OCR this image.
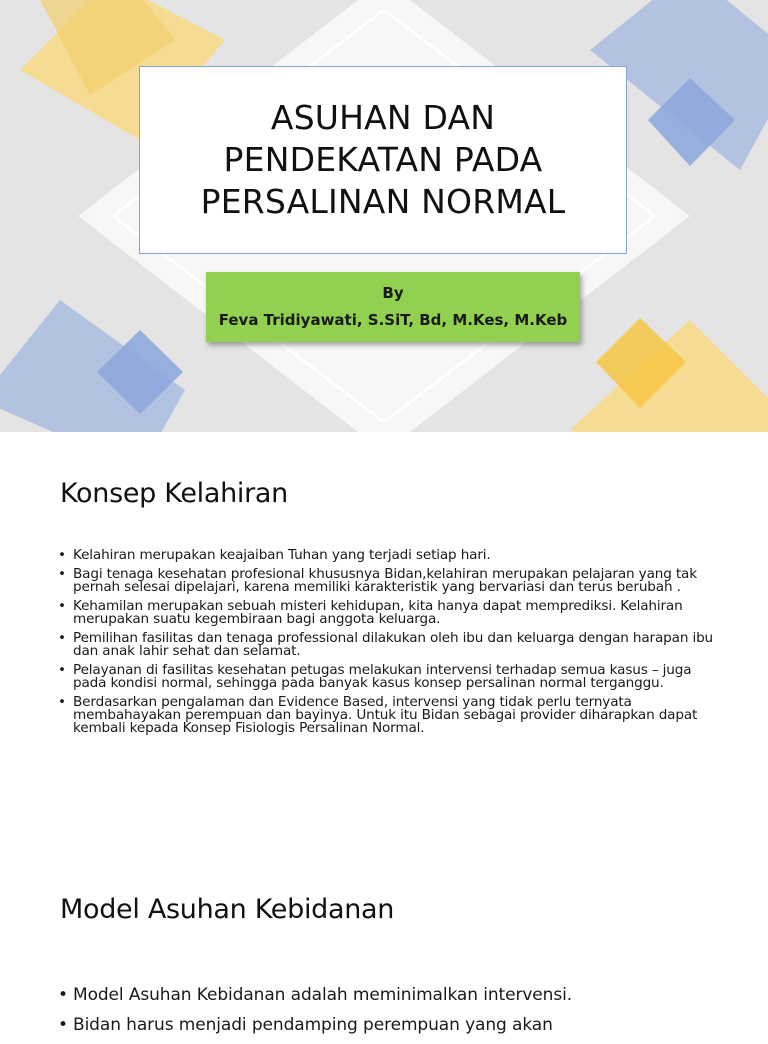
ASUHAN DAN
PENDEKATAN PADA
PERSALINAN NORMAL
By
Feva Tridiyawati, S.SiT, Bd, M.Kes, M.Keb
Konsep Kelahiran
• Kelahiran merupakan keajaiban Tuhan yang terjadi setiap hari.
• Bagi tenaga kesehatan profesional khususnya Bidan,kelahiran merupakan pelajaran yang tak pernah selesai dipelajari, karena memiliki karakteristik yang bervariasi dan terus berubah .
• Kehamilan merupakan sebuah misteri kehidupan, kita hanya dapat memprediksi. Kelahiran merupakan suatu kegembiraan bagi anggota keluarga.
• Pemilihan fasilitas dan tenaga professional dilakukan oleh ibu dan keluarga dengan harapan ibu dan anak lahir sehat dan selamat.
• Pelayanan di fasilitas kesehatan petugas melakukan intervensi terhadap semua kasus – juga pada kondisi normal, sehingga pada banyak kasus konsep persalinan normal terganggu.
• Berdasarkan pengalaman dan Evidence Based, intervensi yang tidak perlu ternyata membahayakan perempuan dan bayinya. Untuk itu Bidan sebagai provider diharapkan dapat kembali kepada Konsep Fisiologis Persalinan Normal.
Model Asuhan Kebidanan
• Model Asuhan Kebidanan adalah meminimalkan intervensi.
• Bidan harus menjadi pendamping perempuan yang akan
